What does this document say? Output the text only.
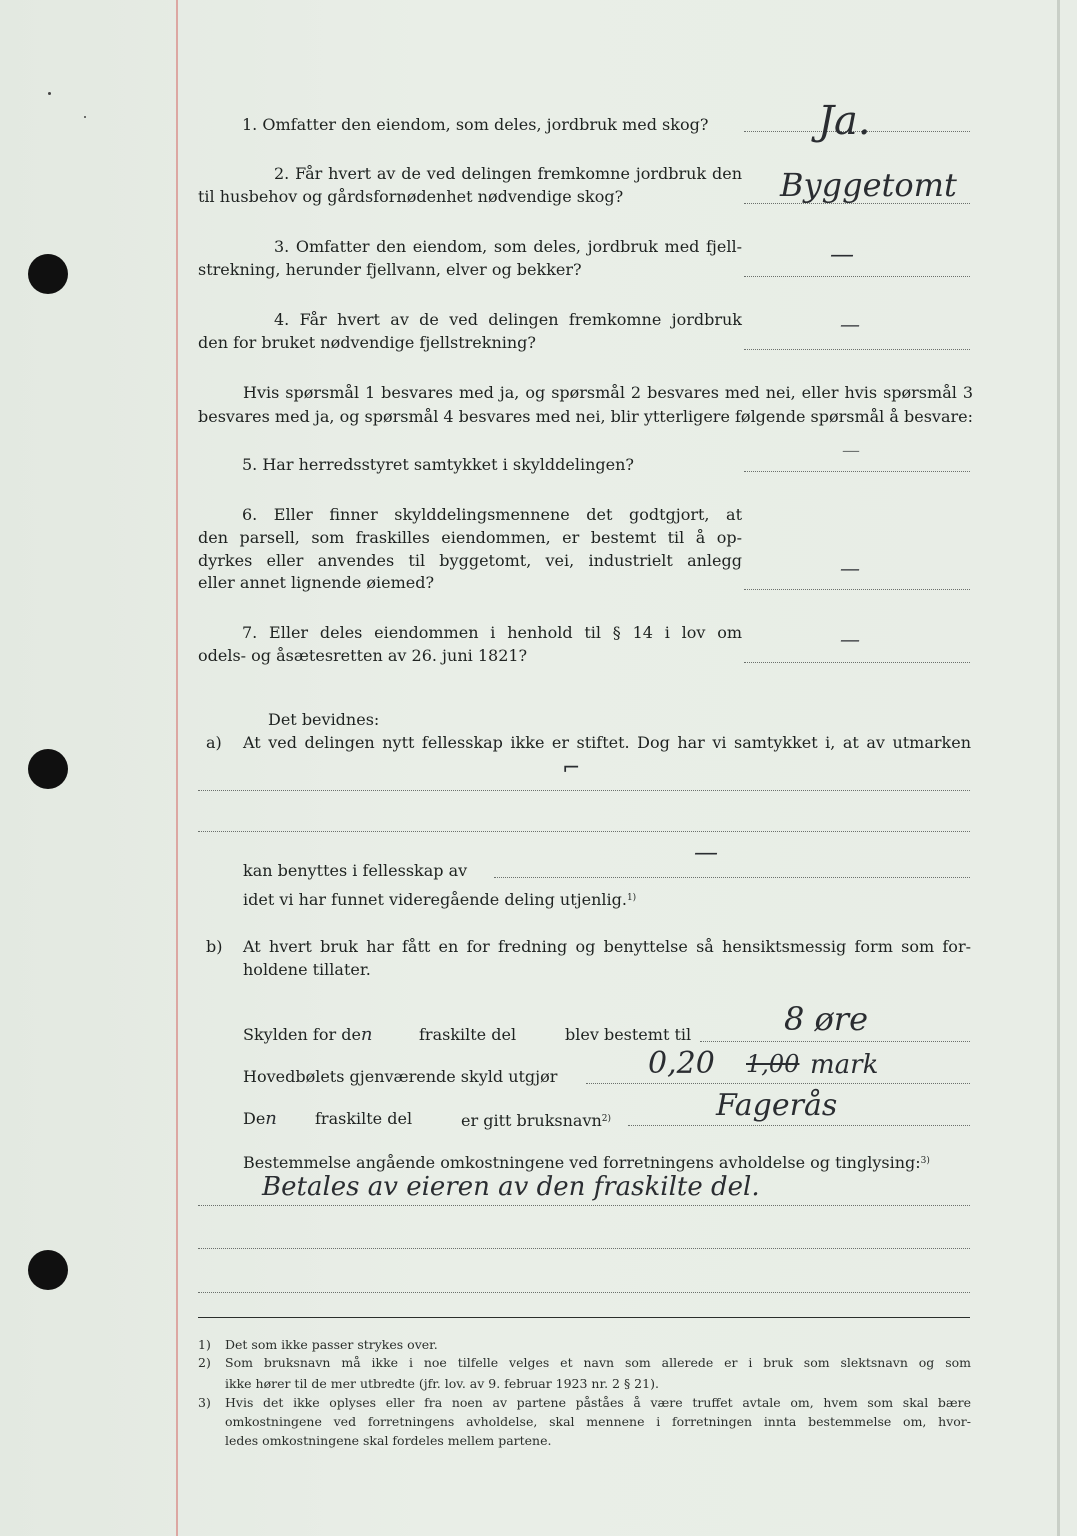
1. Omfatter den eiendom, som deles, jordbruk med skog?	Ja.
2. Får hvert av de ved delingen fremkomne jordbruk den
til husbehov og gårdsfornødenhet nødvendige skog?	Byggetomt
3. Omfatter den eiendom, som deles, jordbruk med fjell-
strekning, herunder fjellvann, elver og bekker?
—
4. Får hvert av de ved delingen fremkomne jordbruk
den for bruket nødvendige fjellstrekning?
—
Hvis spørsmål 1 besvares med ja, og spørsmål 2 besvares med nei, eller hvis spørsmål 3
besvares med ja, og spørsmål 4 besvares med nei, blir ytterligere følgende spørsmål å besvare:
5. Har herredsstyret samtykket i skylddelingen?
—
6. Eller finner skylddelingsmennene det godtgjort, at
den parsell, som fraskilles eiendommen, er bestemt til å op-
dyrkes eller anvendes til byggetomt, vei, industrielt anlegg
eller annet lignende øiemed?
—
7. Eller deles eiendommen i henhold til § 14 i lov om
odels- og åsætesretten av 26. juni 1821?
—
Det bevidnes:
a) At ved delingen nytt fellesskap ikke er stiftet. Dog har vi samtykket i, at av utmarken
⌐
kan benyttes i fellesskap av
—
idet vi har funnet videregående deling utjenlig.$^{1)}$
b) At hvert bruk har fått en for fredning og benyttelse så hensiktsmessig form som for-
holdene tillater.
Skylden for den	fraskilte del	blev bestemt til	8 øre
Hovedbølets gjenværende skyld utgjør	0,20 1,00 mark
Den fraskilte del	er gitt bruksnavn$^{2)}$	Fagerås
Bestemmelse angående omkostningene ved forretningens avholdelse og tinglysing:$^{3)}$
Betales av eieren av den fraskilte del.
1) Det som ikke passer strykes over.
2) Som bruksnavn må ikke i noe tilfelle velges et navn som allerede er i bruk som slektsnavn og som
ikke hører til de mer utbredte (jfr. lov. av 9. februar 1923 nr. 2 § 21).
3) Hvis det ikke oplyses eller fra noen av partene påståes å være truffet avtale om, hvem som skal bære
omkostningene ved forretningens avholdelse, skal mennene i forretningen innta bestemmelse om, hvor-
ledes omkostningene skal fordeles mellem partene.
